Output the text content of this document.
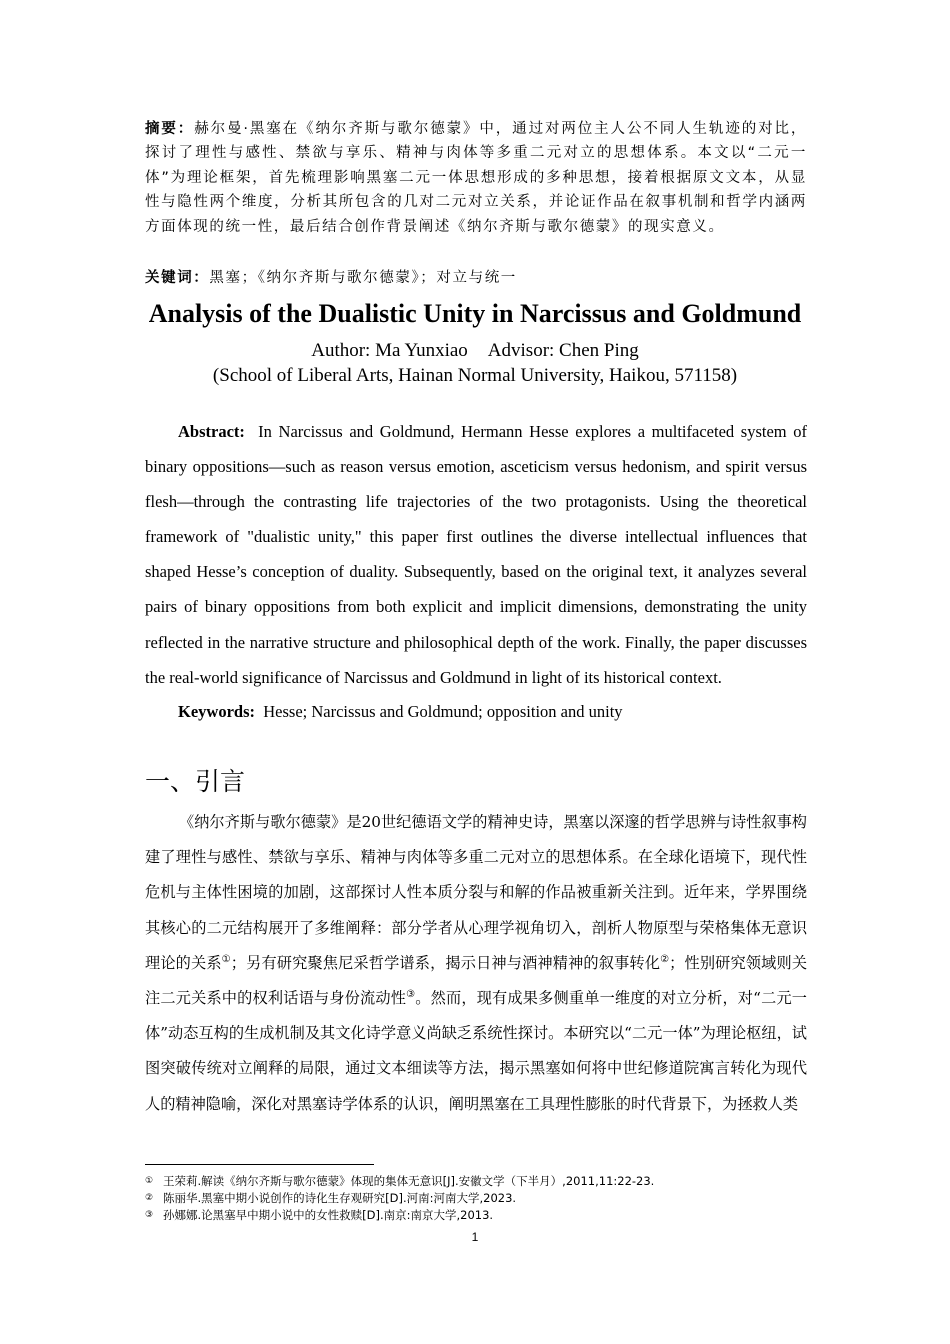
摘要：赫尔曼·黑塞在《纳尔齐斯与歌尔德蒙》中，通过对两位主人公不同人生轨迹的对比，探讨了理性与感性、禁欲与享乐、精神与肉体等多重二元对立的思想体系。本文以“二元一体”为理论框架，首先梳理影响黑塞二元一体思想形成的多种思想，接着根据原文文本，从显性与隐性两个维度，分析其所包含的几对二元对立关系，并论证作品在叙事机制和哲学内涵两方面体现的统一性，最后结合创作背景阐述《纳尔齐斯与歌尔德蒙》的现实意义。

关键词：黑塞；《纳尔齐斯与歌尔德蒙》；对立与统一

Analysis of the Dualistic Unity in Narcissus and Goldmund

Author: Ma Yunxiao Advisor: Chen Ping

(School of Liberal Arts, Hainan Normal University, Haikou, 571158)

Abstract: In Narcissus and Goldmund, Hermann Hesse explores a multifaceted system of binary oppositions—such as reason versus emotion, asceticism versus hedonism, and spirit versus flesh—through the contrasting life trajectories of the two protagonists. Using the theoretical framework of "dualistic unity," this paper first outlines the diverse intellectual influences that shaped Hesse’s conception of duality. Subsequently, based on the original text, it analyzes several pairs of binary oppositions from both explicit and implicit dimensions, demonstrating the unity reflected in the narrative structure and philosophical depth of the work. Finally, the paper discusses the real-world significance of Narcissus and Goldmund in light of its historical context.

Keywords: Hesse; Narcissus and Goldmund; opposition and unity

一、引言

《纳尔齐斯与歌尔德蒙》是20世纪德语文学的精神史诗，黑塞以深邃的哲学思辨与诗性叙事构建了理性与感性、禁欲与享乐、精神与肉体等多重二元对立的思想体系。在全球化语境下，现代性危机与主体性困境的加剧，这部探讨人性本质分裂与和解的作品被重新关注到。近年来，学界围绕其核心的二元结构展开了多维阐释：部分学者从心理学视角切入，剖析人物原型与荣格集体无意识理论的关系①；另有研究聚焦尼采哲学谱系，揭示日神与酒神精神的叙事转化②；性别研究领域则关注二元关系中的权利话语与身份流动性③。然而，现有成果多侧重单一维度的对立分析，对“二元一体”动态互构的生成机制及其文化诗学意义尚缺乏系统性探讨。本研究以“二元一体”为理论枢纽，试图突破传统对立阐释的局限，通过文本细读等方法，揭示黑塞如何将中世纪修道院寓言转化为现代人的精神隐喻，深化对黑塞诗学体系的认识，阐明黑塞在工具理性膨胀的时代背景下，为拯救人类

① 王荣莉.解读《纳尔齐斯与歌尔德蒙》体现的集体无意识[J].安徽文学（下半月）,2011,11:22-23.
② 陈丽华.黑塞中期小说创作的诗化生存观研究[D].河南:河南大学,2023.
③ 孙娜娜.论黑塞早中期小说中的女性救赎[D].南京:南京大学,2013.
1
